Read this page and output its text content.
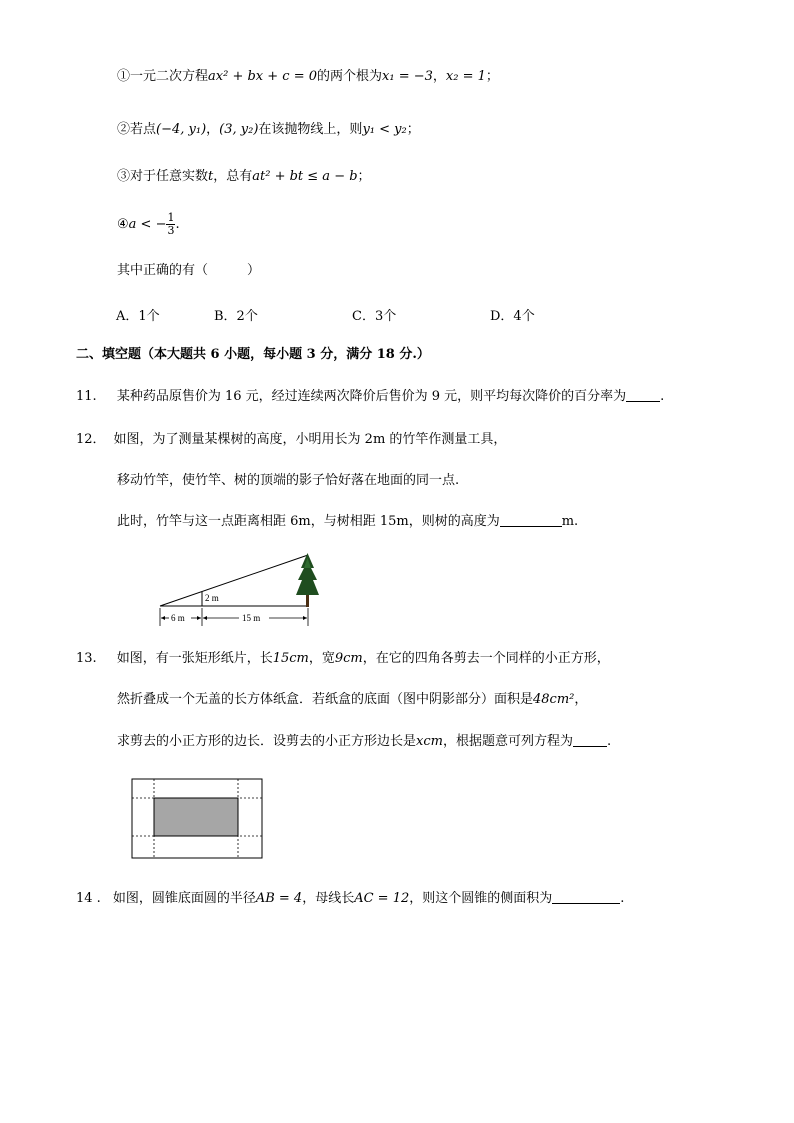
①一元二次方程ax² + bx + c = 0的两个根为x₁ = −3，x₂ = 1；
②若点(−4, y₁)，(3, y₂)在该抛物线上，则y₁ < y₂；
③对于任意实数t，总有at² + bt ≤ a − b；
④a < − $\frac{1}{3}$ .
其中正确的有（　　　）
A．1个	B．2个	C．3个	D．4个
二、填空题（本大题共 6 小题，每小题 3 分，满分 18 分.）
11. 某种药品原售价为 16 元，经过连续两次降价后售价为 9 元，则平均每次降价的百分率为	.
12． 如图，为了测量某棵树的高度，小明用长为 2m 的竹竿作测量工具，
移动竹竿，使竹竿、树的顶端的影子恰好落在地面的同一点.
此时，竹竿与这一点距离相距 6m，与树相距 15m，则树的高度为	m.
2 m
6 m	15 m
13. 如图，有一张矩形纸片，长15cm，宽9cm，在它的四角各剪去一个同样的小正方形，
然折叠成一个无盖的长方体纸盒．若纸盒的底面（图中阴影部分）面积是48cm²，
求剪去的小正方形的边长．设剪去的小正方形边长是xcm，根据题意可列方程为	.
14 . 如图，圆锥底面圆的半径AB = 4，母线长AC = 12，则这个圆锥的侧面积为	.
